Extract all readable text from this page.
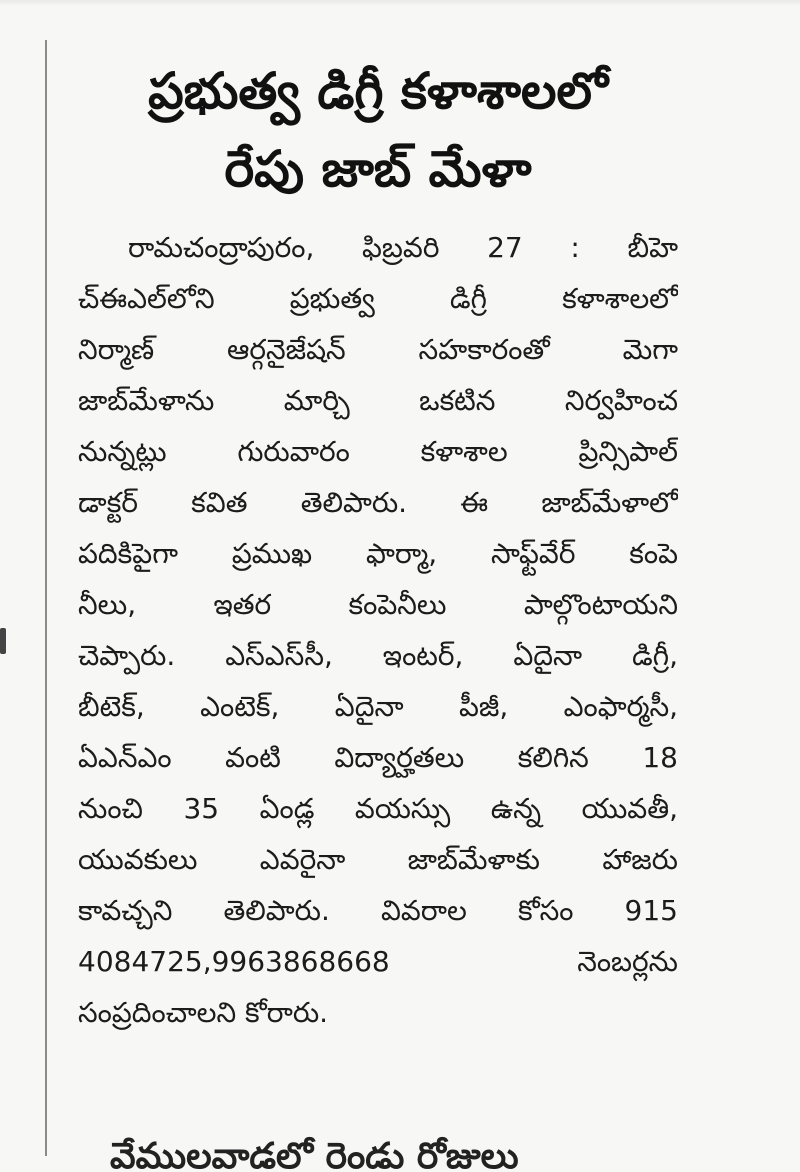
ప్రభుత్వ డిగ్రీ కళాశాలలో
రేపు జాబ్ మేళా
రామచంద్రాపురం, ఫిబ్రవరి 27 : బీహె
చ్ఈఎల్‌లోని ప్రభుత్వ డిగ్రీ కళాశాలలో
నిర్మాణ్ ఆర్గనైజేషన్ సహకారంతో మెగా
జాబ్‌మేళాను మార్చి ఒకటిన నిర్వహించ
నున్నట్లు గురువారం కళాశాల ప్రిన్సిపాల్
డాక్టర్ కవిత తెలిపారు. ఈ జాబ్‌మేళాలో
పదికిపైగా ప్రముఖ ఫార్మా, సాఫ్ట్‌వేర్ కంపె
నీలు, ఇతర కంపెనీలు పాల్గొంటాయని
చెప్పారు. ఎస్ఎస్‌సీ, ఇంటర్, ఏదైనా డిగ్రీ,
బీటెక్, ఎంటెక్, ఏదైనా పీజీ, ఎంఫార్మసీ,
ఏఎన్ఎం వంటి విద్యార్హతలు కలిగిన 18
నుంచి 35 ఏండ్ల వయస్సు ఉన్న యువతీ,
యువకులు ఎవరైనా జాబ్‌మేళాకు హాజరు
కావచ్చని తెలిపారు. వివరాల కోసం 915
4084725,9963868668 నెంబర్లను
సంప్రదించాలని కోరారు.
వేములవాడలో రెండు రోజులు
